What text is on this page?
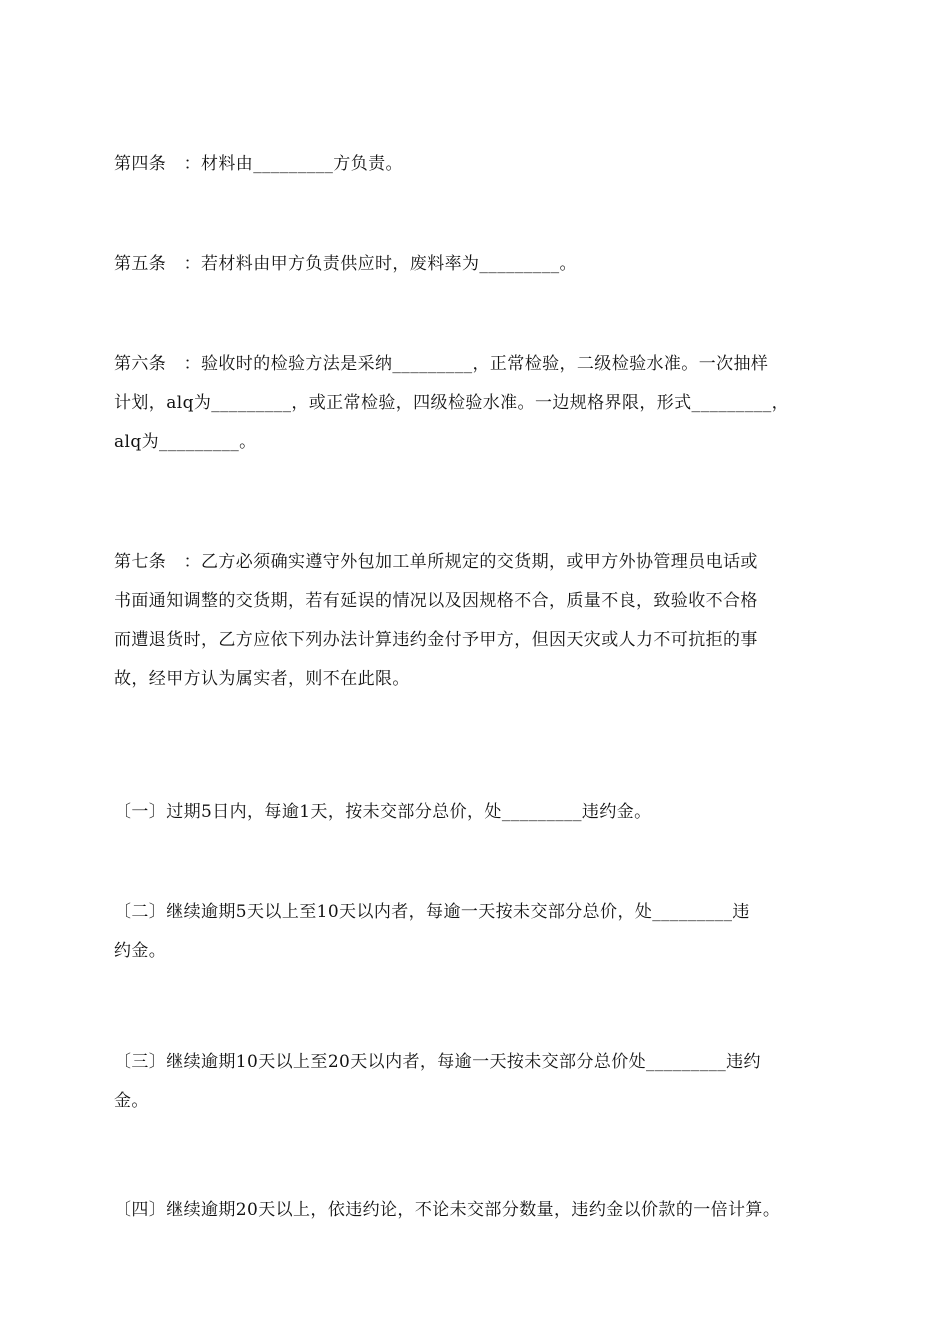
第四条　：材料由_________方负责。

第五条　：若材料由甲方负责供应时，废料率为_________。

第六条　：验收时的检验方法是采纳_________，正常检验，二级检验水准。一次抽样
计划，alq为_________，或正常检验，四级检验水准。一边规格界限，形式_________，
alq为_________。

第七条　：乙方必须确实遵守外包加工单所规定的交货期，或甲方外协管理员电话或
书面通知调整的交货期，若有延误的情况以及因规格不合，质量不良，致验收不合格
而遭退货时，乙方应依下列办法计算违约金付予甲方，但因天灾或人力不可抗拒的事
故，经甲方认为属实者，则不在此限。

〔一〕过期5日内，每逾1天，按未交部分总价，处_________违约金。

〔二〕继续逾期5天以上至10天以内者，每逾一天按未交部分总价，处_________违
约金。

〔三〕继续逾期10天以上至20天以内者，每逾一天按未交部分总价处_________违约
金。

〔四〕继续逾期20天以上，依违约论，不论未交部分数量，违约金以价款的一倍计算。
